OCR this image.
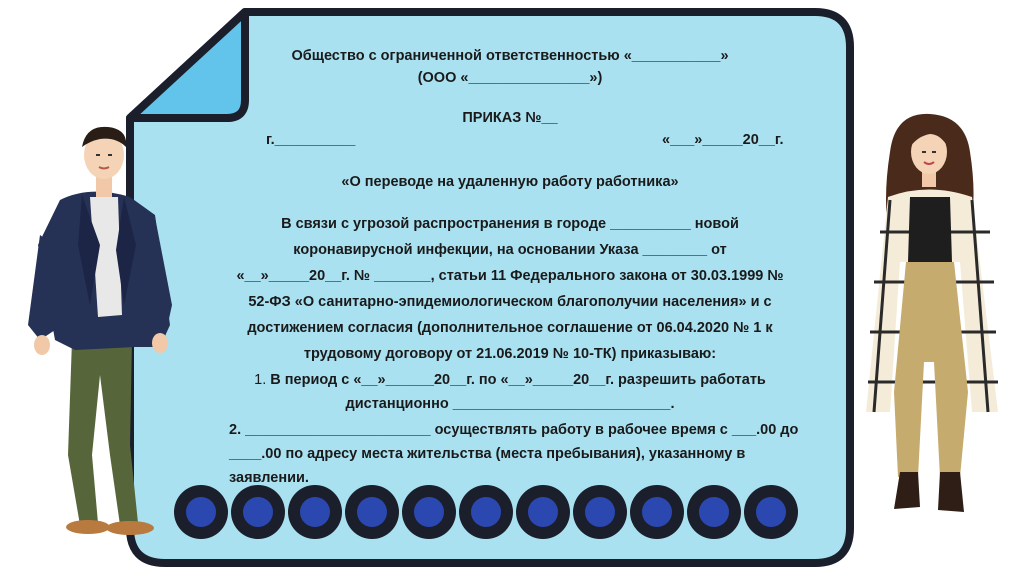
Общество с ограниченной ответственностью «___________»
(ООО «_______________»)
ПРИКАЗ №__
г.__________	«___»_____20__г.
«О переводе на удаленную работу работника»
В связи с угрозой распространения в городе __________ новой
коронавирусной инфекции, на основании Указа ________ от
«__»_____20__г. № _______, статьи 11 Федерального закона от 30.03.1999 №
52-ФЗ «О санитарно-эпидемиологическом благополучии населения» и с
достижением согласия (дополнительное соглашение от 06.04.2020 № 1 к
трудовому договору от 21.06.2019 № 10-ТК) приказываю:
1. В период с «__»______20__г. по «__»_____20__г. разрешить работать
дистанционно ___________________________.
2. _______________________ осуществлять работу в рабочее время с ___.00 до
____.00 по адресу места жительства (места пребывания), указанному в
заявлении.
